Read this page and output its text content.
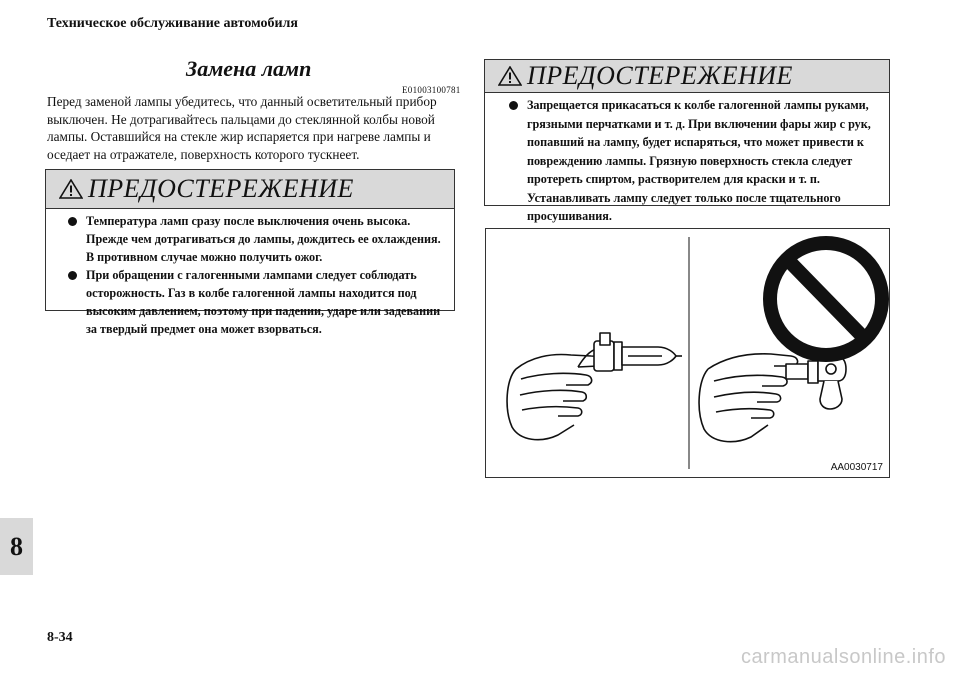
Техническое обслуживание автомобиля
Замена ламп
E01003100781
Перед заменой лампы убедитесь, что данный осветительный прибор выключен. Не дотрагивайтесь пальцами до стеклянной колбы новой лампы. Оставшийся на стекле жир испаряется при нагреве лампы и оседает на отражателе, поверхность которого тускнеет.
ПРЕДОСТЕРЕЖЕНИЕ
Температура ламп сразу после выключения очень высока. Прежде чем дотрагиваться до лампы, дождитесь ее охлаждения. В противном случае можно получить ожог.
При обращении с галогенными лампами следует соблюдать осторожность. Газ в колбе галогенной лампы находится под высоким давлением, поэтому при падении, ударе или задевании за твердый предмет она может взорваться.
ПРЕДОСТЕРЕЖЕНИЕ
Запрещается прикасаться к колбе галогенной лампы руками, грязными перчатками и т. д. При включении фары жир с рук, попавший на лампу, будет испаряться, что может привести к повреждению лампы. Грязную поверхность стекла следует протереть спиртом, растворителем для краски и т. п. Устанавливать лампу следует только после тщательного просушивания.
AA0030717
8
8-34
carmanualsonline.info
